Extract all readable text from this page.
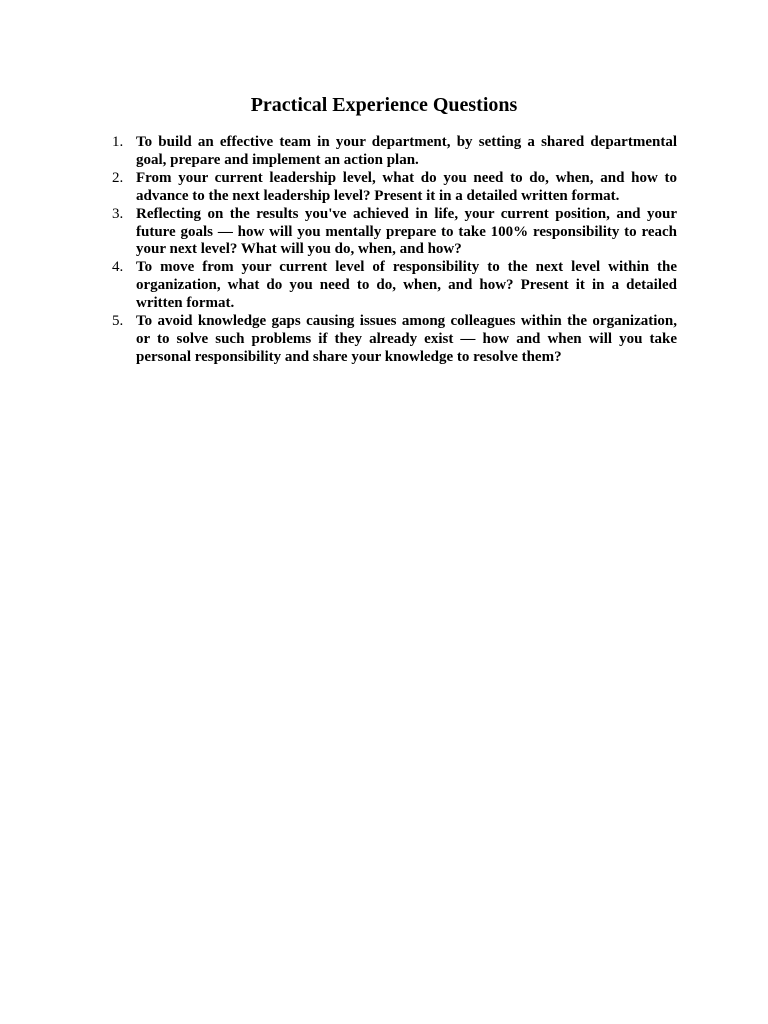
Practical Experience Questions
1. To build an effective team in your department, by setting a shared departmental goal, prepare and implement an action plan.
2. From your current leadership level, what do you need to do, when, and how to advance to the next leadership level? Present it in a detailed written format.
3. Reflecting on the results you've achieved in life, your current position, and your future goals — how will you mentally prepare to take 100% responsibility to reach your next level? What will you do, when, and how?
4. To move from your current level of responsibility to the next level within the organization, what do you need to do, when, and how? Present it in a detailed written format.
5. To avoid knowledge gaps causing issues among colleagues within the organization, or to solve such problems if they already exist — how and when will you take personal responsibility and share your knowledge to resolve them?
